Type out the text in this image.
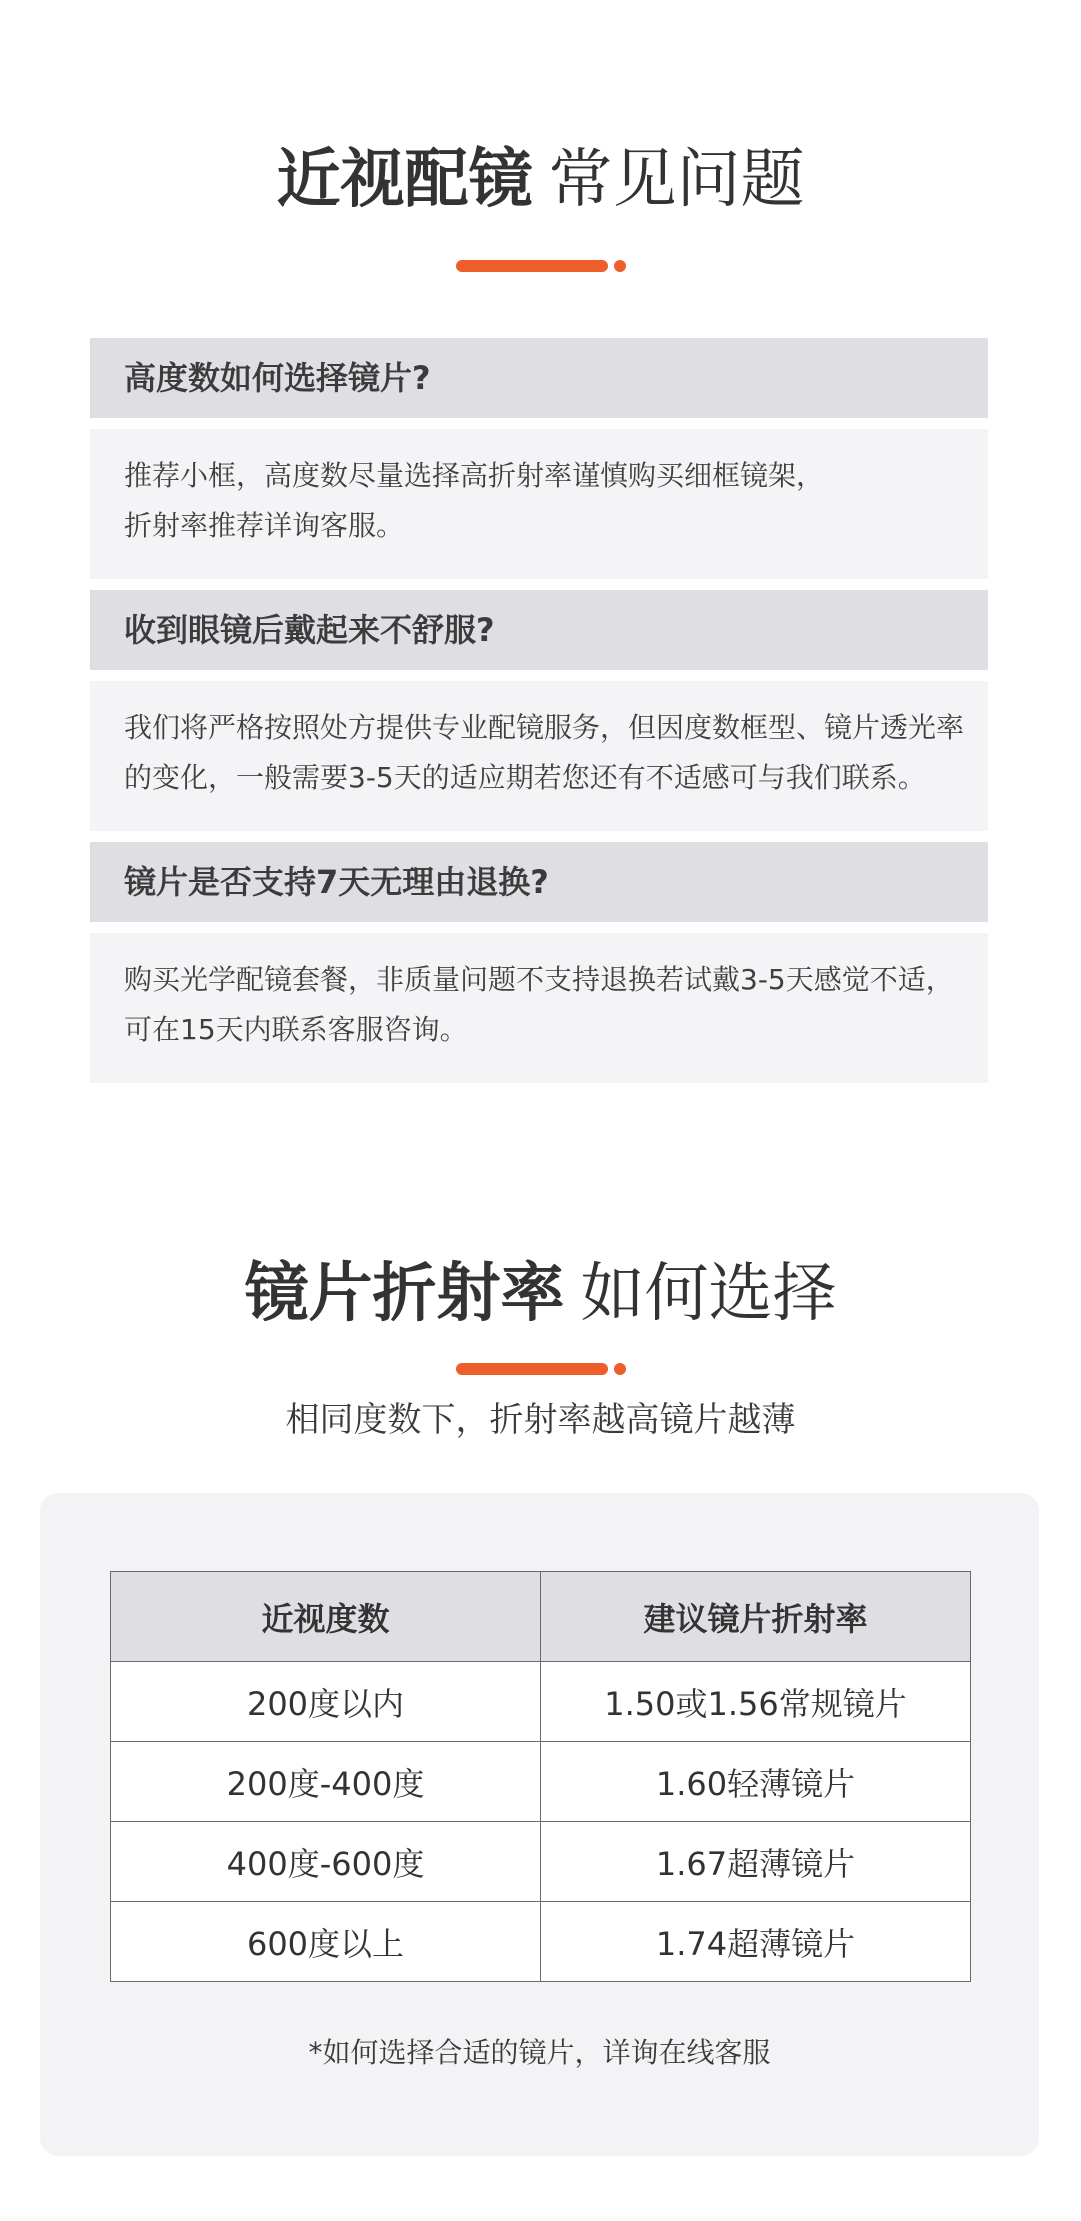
近视配镜 常见问题
高度数如何选择镜片?
推荐小框，高度数尽量选择高折射率谨慎购买细框镜架，
折射率推荐详询客服。
收到眼镜后戴起来不舒服?
我们将严格按照处方提供专业配镜服务，但因度数框型、镜片透光率
的变化，一般需要3-5天的适应期若您还有不适感可与我们联系。
镜片是否支持7天无理由退换?
购买光学配镜套餐，非质量问题不支持退换若试戴3-5天感觉不适，
可在15天内联系客服咨询。
镜片折射率 如何选择
相同度数下，折射率越高镜片越薄
近视度数	建议镜片折射率
200度以内	1.50或1.56常规镜片
200度-400度	1.60轻薄镜片
400度-600度	1.67超薄镜片
600度以上	1.74超薄镜片
*如何选择合适的镜片，详询在线客服
